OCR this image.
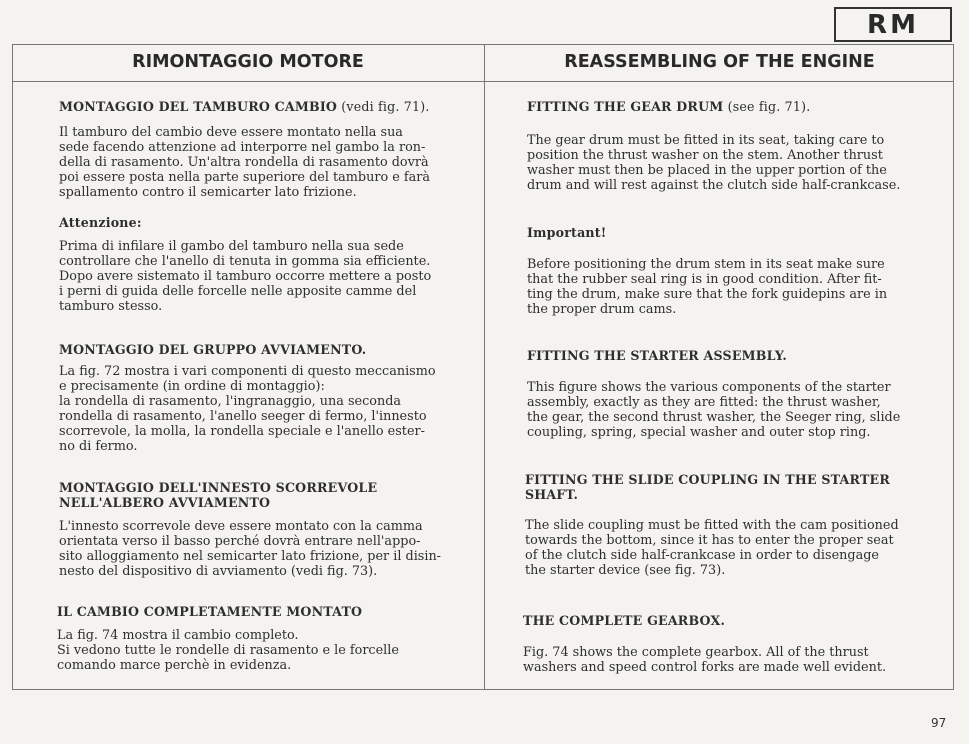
RM
RIMONTAGGIO MOTORE	REASSEMBLING OF THE ENGINE
MONTAGGIO DEL TAMBURO CAMBIO (vedi fig. 71).

Il tamburo del cambio deve essere montato nella sua

sede facendo attenzione ad interporre nel gambo la ron-

della di rasamento. Un'altra rondella di rasamento dovrà

poi essere posta nella parte superiore del tamburo e farà

spallamento contro il semicarter lato frizione.

Attenzione:

Prima di infilare il gambo del tamburo nella sua sede

controllare che l'anello di tenuta in gomma sia efficiente.

Dopo avere sistemato il tamburo occorre mettere a posto

i perni di guida delle forcelle nelle apposite camme del

tamburo stesso.

MONTAGGIO DEL GRUPPO AVVIAMENTO.

La fig. 72 mostra i vari componenti di questo meccanismo

e precisamente (in ordine di montaggio):

la rondella di rasamento, l'ingranaggio, una seconda

rondella di rasamento, l'anello seeger di fermo, l'innesto

scorrevole, la molla, la rondella speciale e l'anello ester-

no di fermo.

MONTAGGIO DELL'INNESTO SCORREVOLE
NELL'ALBERO AVVIAMENTO

L'innesto scorrevole deve essere montato con la camma

orientata verso il basso perché dovrà entrare nell'appo-

sito alloggiamento nel semicarter lato frizione, per il disin-

nesto del dispositivo di avviamento (vedi fig. 73).

IL CAMBIO COMPLETAMENTE MONTATO

La fig. 74 mostra il cambio completo.

Si vedono tutte le rondelle di rasamento e le forcelle

comando marce perchè in evidenza.

FITTING THE GEAR DRUM (see fig. 71).

The gear drum must be fitted in its seat, taking care to

position the thrust washer on the stem. Another thrust

washer must then be placed in the upper portion of the

drum and will rest against the clutch side half-crankcase.

Important!

Before positioning the drum stem in its seat make sure

that the rubber seal ring is in good condition. After fit-

ting the drum, make sure that the fork guidepins are in

the proper drum cams.

FITTING THE STARTER ASSEMBLY.

This figure shows the various components of the starter

assembly, exactly as they are fitted: the thrust washer,

the gear, the second thrust washer, the Seeger ring, slide

coupling, spring, special washer and outer stop ring.

FITTING THE SLIDE COUPLING IN THE STARTER
SHAFT.

The slide coupling must be fitted with the cam positioned

towards the bottom, since it has to enter the proper seat

of the clutch side half-crankcase in order to disengage

the starter device (see fig. 73).

THE COMPLETE GEARBOX.

Fig. 74 shows the complete gearbox. All of the thrust

washers and speed control forks are made well evident.

97
